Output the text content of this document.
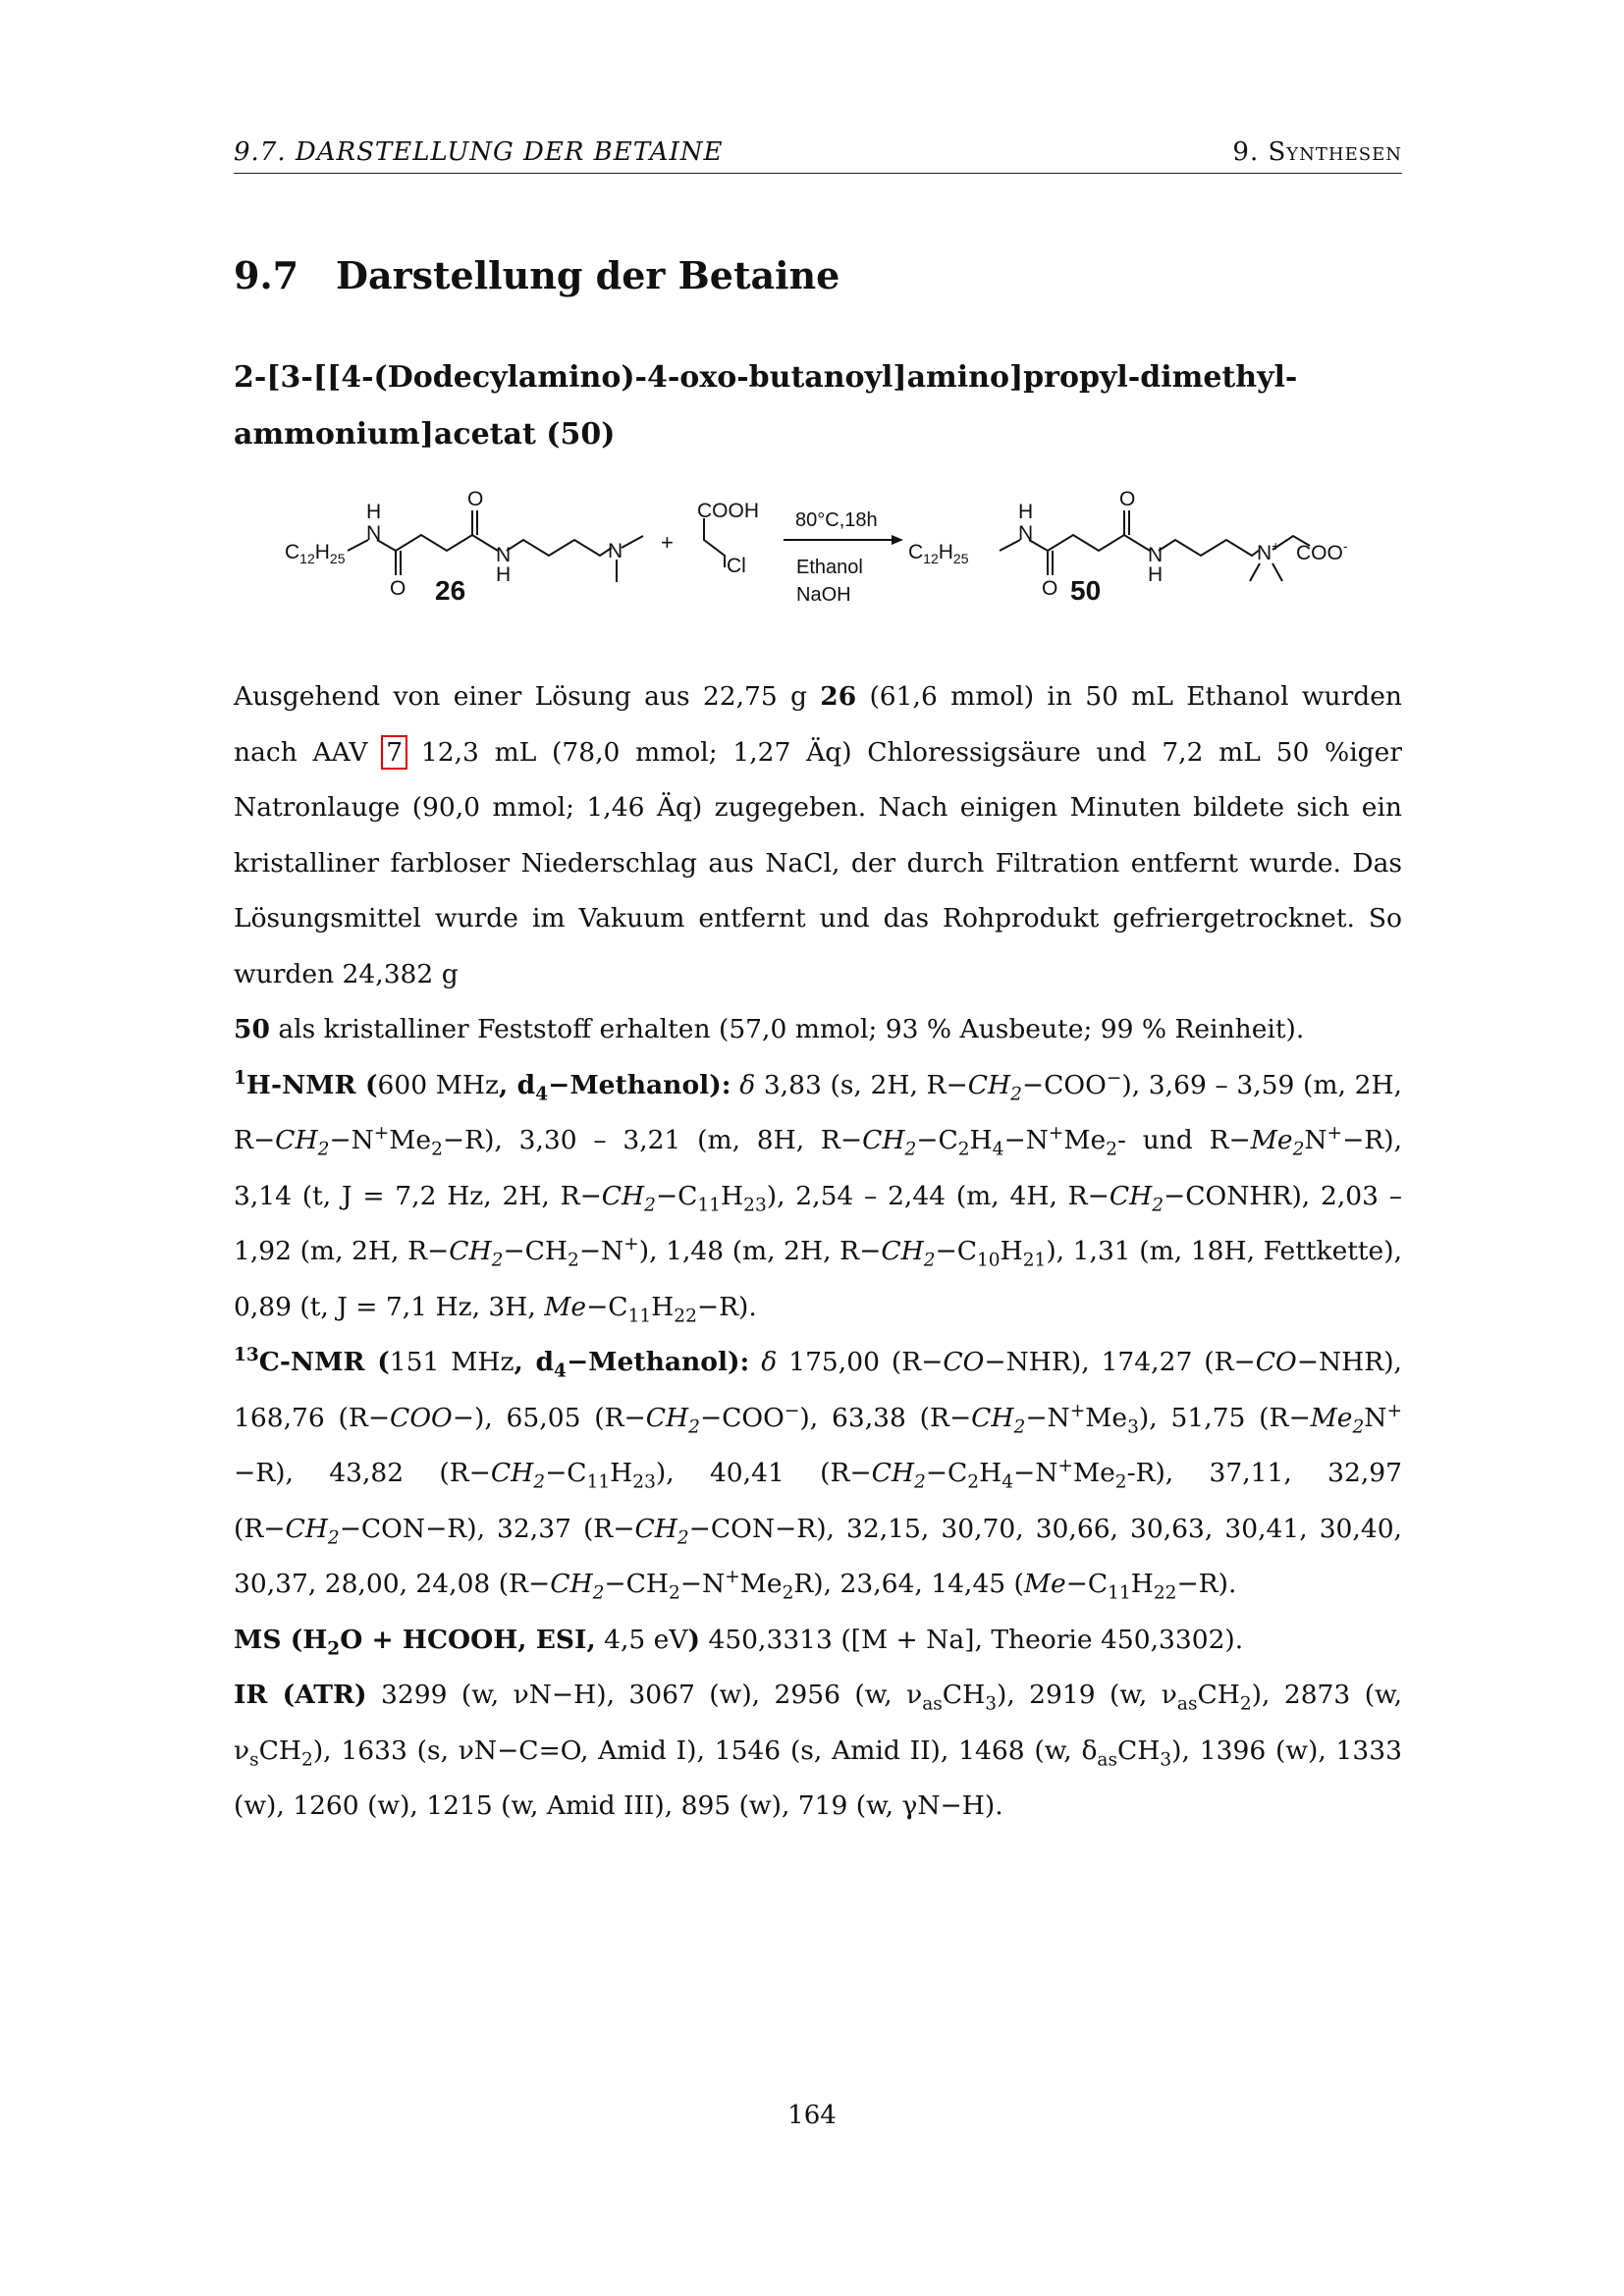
9.7. DARSTELLUNG DER BETAINE	9. Synthesen
9.7 Darstellung der Betaine
2-[3-[[4-(Dodecylamino)-4-oxo-butanoyl]amino]propyl-dimethyl-
ammonium]acetat (50)
$C_{12}H_{25}$
N
H
O
O
N
H
N
26
+
COOH
Cl
80°C,18h
Ethanol
NaOH
$C_{12}H_{25}$
N
H
O
O
N
H
N+ COO-
50

Ausgehend von einer Lösung aus 22,75 g 26 (61,6 mmol) in 50 mL Ethanol wurden nach AAV 7 12,3 mL (78,0 mmol; 1,27 Äq) Chloressigsäure und 7,2 mL 50 %iger Natronlauge (90,0 mmol; 1,46 Äq) zugegeben. Nach einigen Minuten bildete sich ein kristalliner farbloser Niederschlag aus NaCl, der durch Filtration entfernt wurde. Das Lösungsmittel wurde im Vakuum entfernt und das Rohprodukt gefriergetrocknet. So wurden 24,382 g
50 als kristalliner Feststoff erhalten (57,0 mmol; 93 % Ausbeute; 99 % Reinheit).

$^1$H-NMR (600 MHz, $d_4-Methanol$): δ 3,83 (s, 2H, $R-CH_2-COO^-$), 3,69 – 3,59 (m, 2H, $R-CH_2-N^+Me_2-R$), 3,30 – 3,21 (m, 8H, $R-CH_2-C_2H_4-N^+Me_2-$ und $R-Me_2N^+-R$), 3,14 (t, J = 7,2 Hz, 2H, $R-CH_2-C_{11}H_{23}$), 2,54 – 2,44 (m, 4H, $R-CH_2-CONHR$), 2,03 – 1,92 (m, 2H, $R-CH_2-CH_2-N^+$), 1,48 (m, 2H, $R-CH_2-C_{10}H_{21}$), 1,31 (m, 18H, Fettkette), 0,89 (t, J = 7,1 Hz, 3H, $Me-C_{11}H_{22}-R$).

$^{13}$C-NMR (151 MHz, $d_4-Methanol$): δ 175,00 (R−CO−NHR), 174,27 (R−CO−NHR), 168,76 (R−COO−), 65,05 $(R-CH_2-COO^-)$, 63,38 $(R-CH_2-N^+Me_3)$, 51,75 $(R-Me_2N^+-R)$, 43,82 $(R-CH_2-C_{11}H_{23})$, 40,41 $(R-CH_2-C_2H_4-N^+Me_2-R)$, 37,11, 32,97 $(R-CH_2-CON-R)$, 32,37 $(R-CH_2-CON-R)$, 32,15, 30,70, 30,66, 30,63, 30,41, 30,40, 30,37, 28,00, 24,08 $(R-CH_2-CH_2-N^+Me_2R)$, 23,64, 14,45 $(Me-C_{11}H_{22}-R)$.

MS ($H_2O$ + HCOOH, ESI, 4,5 eV) 450,3313 ([M + Na], Theorie 450,3302).

IR (ATR) 3299 (w, νN−H), 3067 (w), 2956 (w, $\nu_{as}CH_3$), 2919 (w, $\nu_{as}CH_2$), 2873 (w, $\nu_sCH_2$), 1633 (s, νN−C=O, Amid I), 1546 (s, Amid II), 1468 (w, $\delta_{as}CH_3$), 1396 (w), 1333 (w), 1260 (w), 1215 (w, Amid III), 895 (w), 719 (w, γN−H).

164
